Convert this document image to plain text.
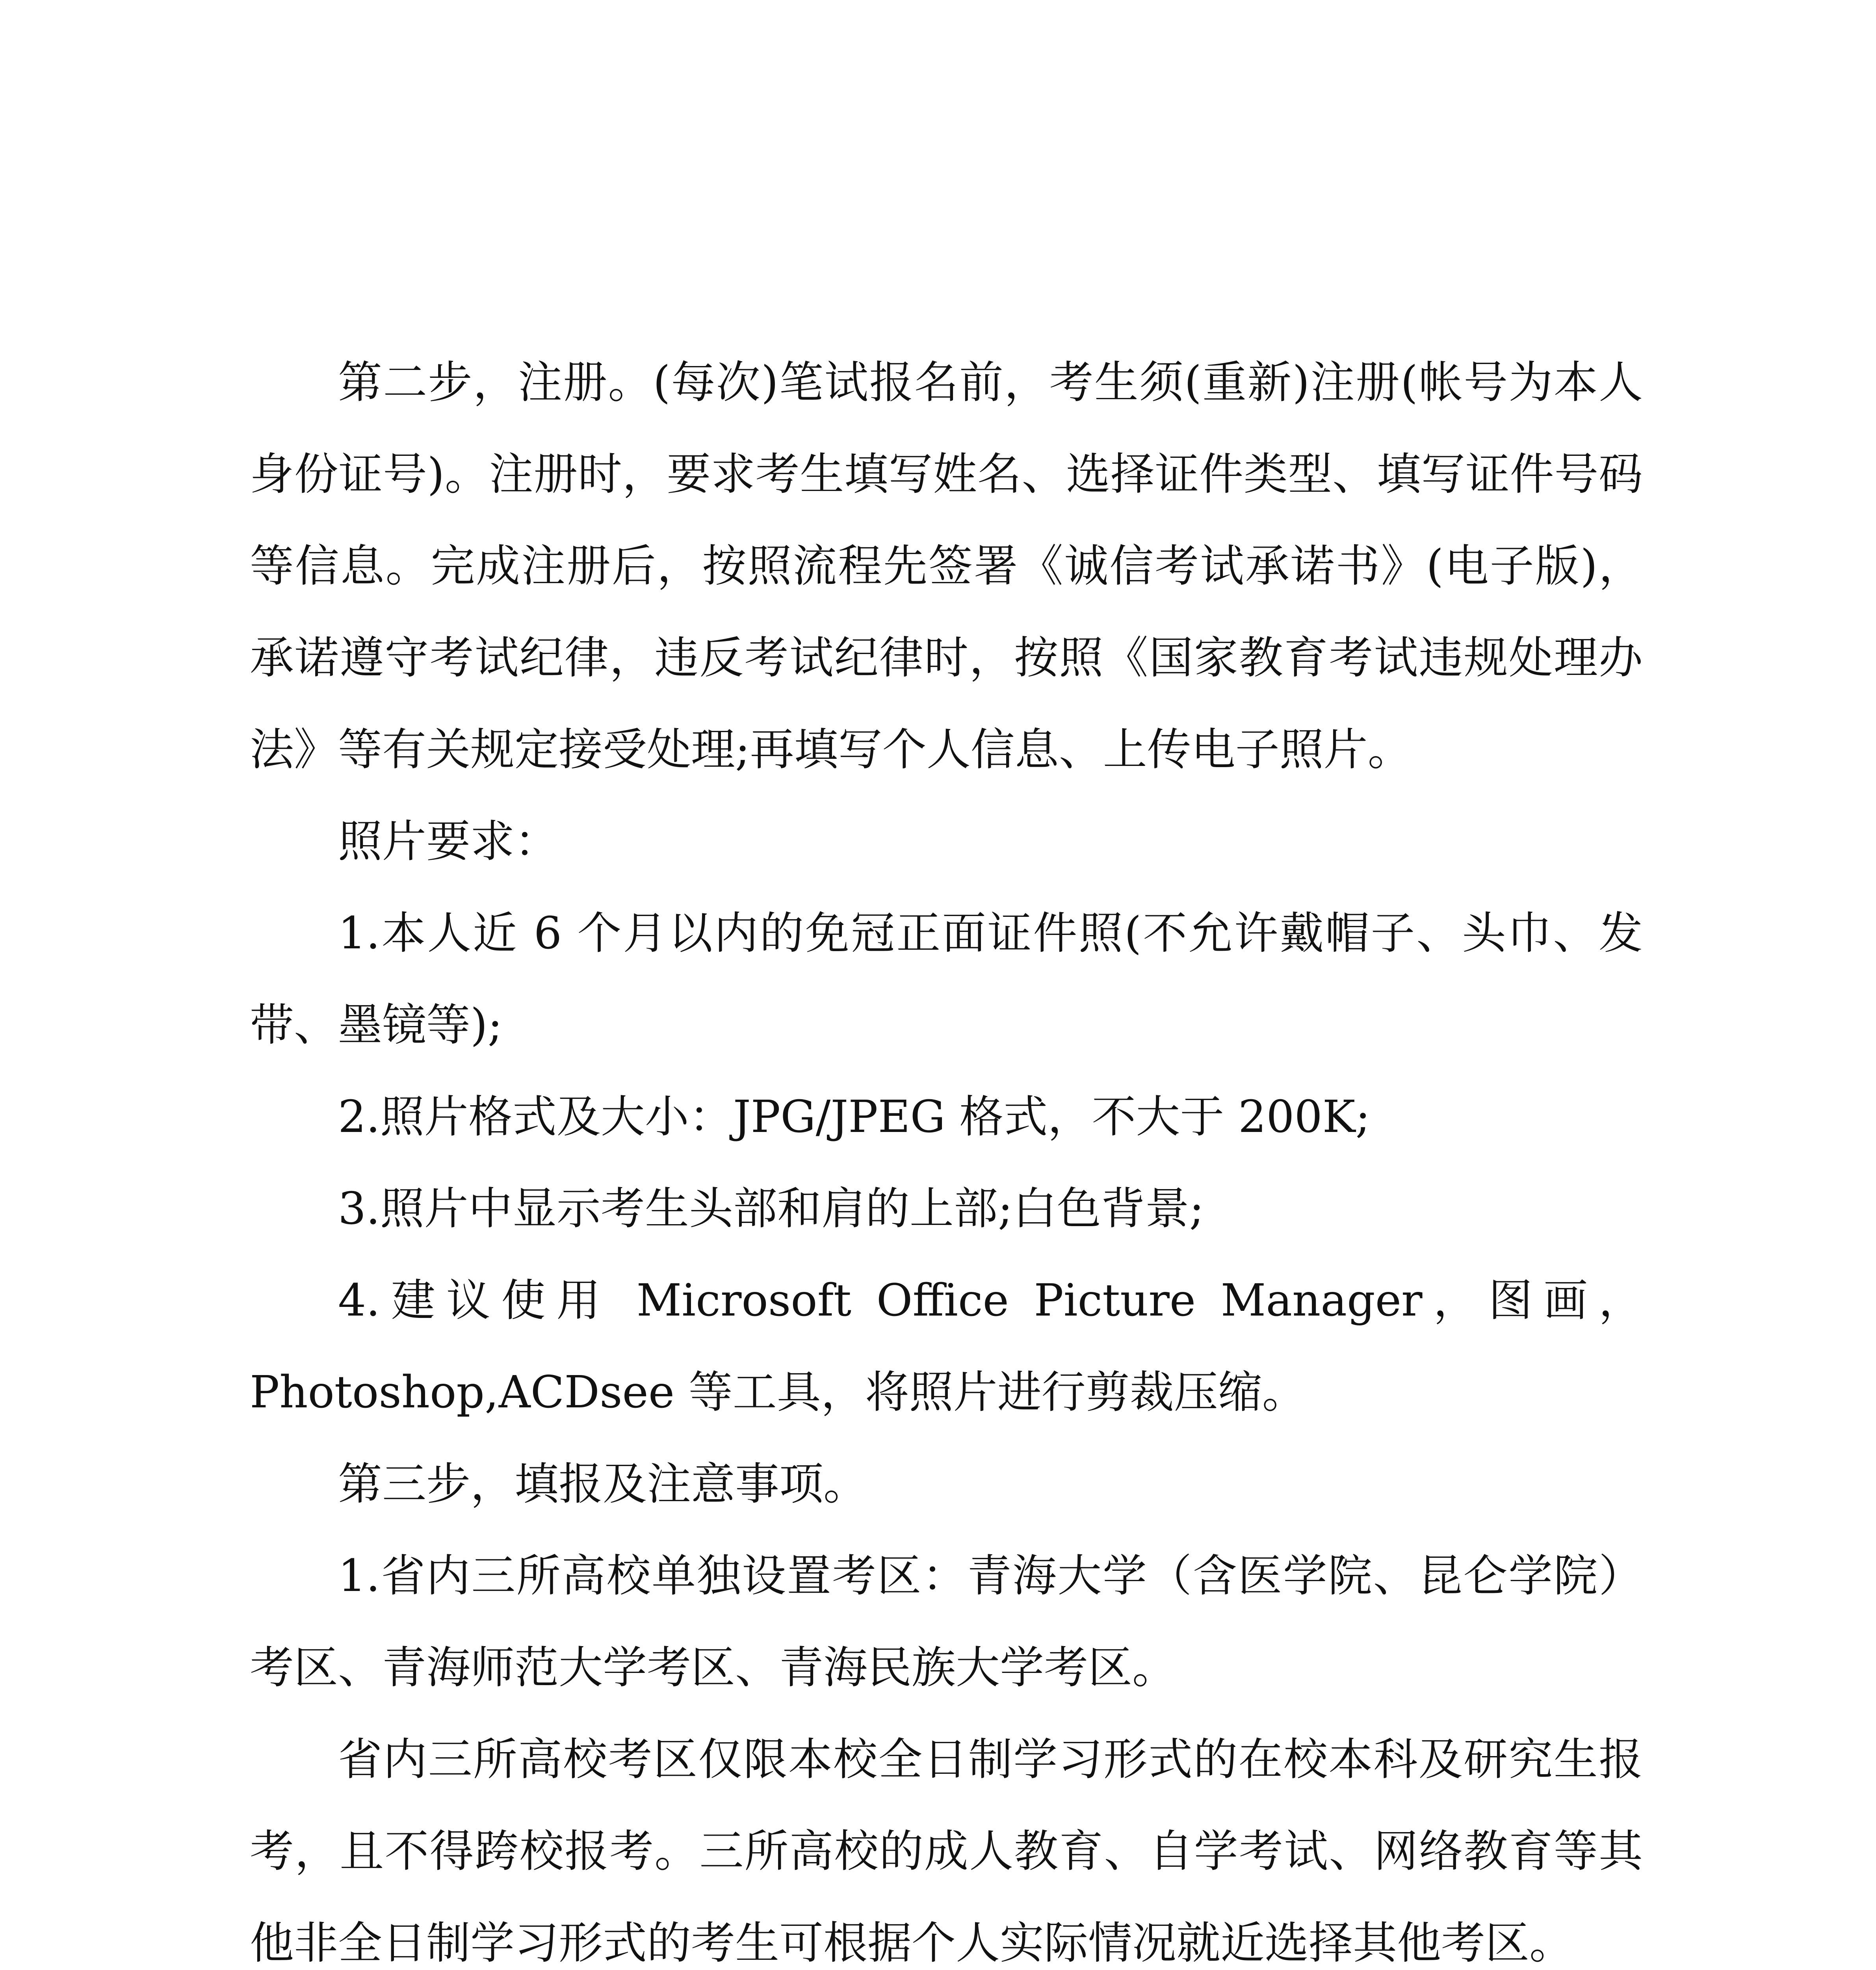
第二步，注册。(每次)笔试报名前，考生须(重新)注册(帐号为本人身份证号)。注册时，要求考生填写姓名、选择证件类型、填写证件号码等信息。完成注册后，按照流程先签署《诚信考试承诺书》(电子版)，承诺遵守考试纪律，违反考试纪律时，按照《国家教育考试违规处理办法》等有关规定接受处理;再填写个人信息、上传电子照片。

照片要求：

1.本人近 6 个月以内的免冠正面证件照(不允许戴帽子、头巾、发带、墨镜等);

2.照片格式及大小：JPG/JPEG 格式，不大于 200K;

3.照片中显示考生头部和肩的上部;白色背景;

4.建议使用 Microsoft Office Picture Manager，图画，Photoshop,ACDsee 等工具，将照片进行剪裁压缩。

第三步，填报及注意事项。

1.省内三所高校单独设置考区：青海大学（含医学院、昆仑学院）考区、青海师范大学考区、青海民族大学考区。

省内三所高校考区仅限本校全日制学习形式的在校本科及研究生报考，且不得跨校报考。三所高校的成人教育、自学考试、网络教育等其他非全日制学习形式的考生可根据个人实际情况就近选择其他考区。
